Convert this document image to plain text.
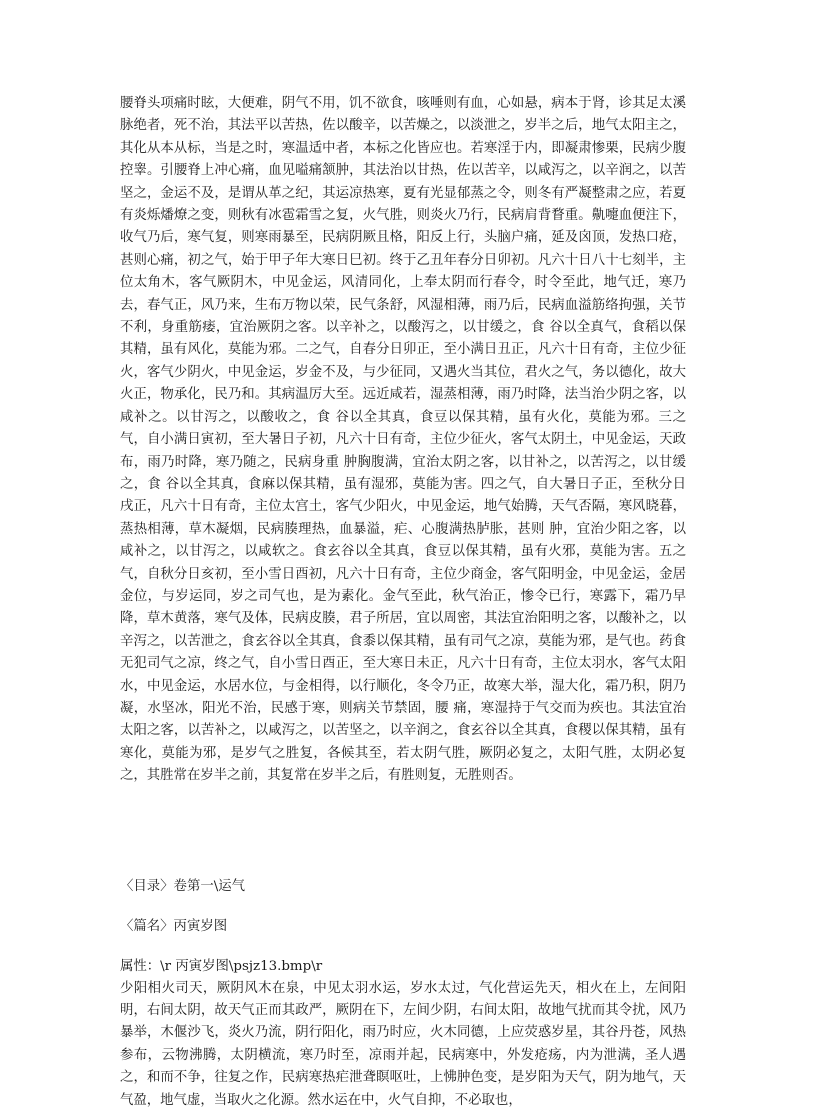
腰脊头项痛时眩，大便难，阴气不用，饥不欲食，咳唾则有血，心如悬，病本于肾，诊其足太溪脉绝者，死不治，其法平以苦热，佐以酸辛，以苦燥之，以淡泄之，岁半之后，地气太阳主之，其化从本从标，当是之时，寒温适中者，本标之化皆应也。若寒淫于内，即凝肃惨栗，民病少腹控睾。引腰脊上冲心痛，血见嗌痛颔肿，其法治以甘热，佐以苦辛，以咸泻之，以辛润之，以苦坚之，金运不及，是谓从革之纪，其运凉热寒，夏有光显郁蒸之令，则冬有严凝整肃之应，若夏有炎烁燔燎之变，则秋有冰雹霜雪之复，火气胜，则炎火乃行，民病肩背瞀重。鼽嚏血便注下，收气乃后，寒气复，则寒雨暴至，民病阴厥且格，阳反上行，头脑户痛，延及囟顶，发热口疮，甚则心痛，初之气，始于甲子年大寒日巳初。终于乙丑年春分日卯初。凡六十日八十七刻半，主位太角木，客气厥阴木，中见金运，风清同化，上奉太阴而行春令，时令至此，地气迁，寒乃去，春气正，风乃来，生布万物以荣，民气条舒，风湿相薄，雨乃后，民病血溢筋络拘强，关节不利，身重筋痿，宜治厥阴之客。以辛补之，以酸泻之，以甘缓之，食 谷以全真气，食稻以保其精，虽有风化，莫能为邪。二之气，自春分日卯正，至小满日丑正，凡六十日有奇，主位少征火，客气少阴火，中见金运，岁金不及，与少征同，又遇火当其位，君火之气，务以德化，故大火正，物承化，民乃和。其病温厉大至。远近咸若，湿蒸相薄，雨乃时降，法当治少阴之客，以咸补之。以甘泻之，以酸收之，食 谷以全其真，食豆以保其精，虽有火化，莫能为邪。三之气，自小满日寅初，至大暑日子初，凡六十日有奇，主位少征火，客气太阴土，中见金运，天政布，雨乃时降，寒乃随之，民病身重 肿胸腹满，宜治太阴之客，以甘补之，以苦泻之，以甘缓之，食 谷以全其真，食麻以保其精，虽有湿邪，莫能为害。四之气，自大暑日子正，至秋分日戌正，凡六十日有奇，主位太宫土，客气少阳火，中见金运，地气始腾，天气否隔，寒风晓暮，蒸热相薄，草木凝烟，民病腠理热，血暴溢，疟、心腹满热胪胀，甚则 肿，宜治少阳之客，以咸补之，以甘泻之，以咸软之。食玄谷以全其真，食豆以保其精，虽有火邪，莫能为害。五之气，自秋分日亥初，至小雪日酉初，凡六十日有奇，主位少商金，客气阳明金，中见金运，金居金位，与岁运同，岁之司气也，是为素化。金气至此，秋气治正，惨令已行，寒露下，霜乃早降，草木黄落，寒气及体，民病皮腠，君子所居，宜以周密，其法宜治阳明之客，以酸补之，以辛泻之，以苦泄之，食玄谷以全其真，食黍以保其精，虽有司气之凉，莫能为邪，是气也。药食无犯司气之凉，终之气，自小雪日酉正，至大寒日未正，凡六十日有奇，主位太羽水，客气太阳水，中见金运，水居水位，与金相得，以行顺化，冬令乃正，故寒大举，湿大化，霜乃积，阴乃凝，水坚冰，阳光不治，民感于寒，则病关节禁固，腰 痛，寒湿持于气交而为疾也。其法宜治太阳之客，以苦补之，以咸泻之，以苦坚之，以辛润之，食玄谷以全其真，食稷以保其精，虽有寒化，莫能为邪，是岁气之胜复，各候其至，若太阴气胜，厥阴必复之，太阳气胜，太阴必复之，其胜常在岁半之前，其复常在岁半之后，有胜则复，无胜则否。

〈目录〉卷第一\运气

〈篇名〉丙寅岁图

属性：\r 丙寅岁图\psjz13.bmp\r

少阳相火司天，厥阴风木在泉，中见太羽水运，岁水太过，气化营运先天，相火在上，左间阳明，右间太阴，故天气正而其政严，厥阴在下，左间少阴，右间太阳，故地气扰而其令扰，风乃暴举，木偃沙飞，炎火乃流，阴行阳化，雨乃时应，火木同德，上应荧惑岁星，其谷丹苍，风热参布，云物沸腾，太阴横流，寒乃时至，凉雨并起，民病寒中，外发疮疡，内为泄满，圣人遇之，和而不争，往复之作，民病寒热疟泄聋瞑呕吐，上怫肿色变，是岁阳为天气，阴为地气，天气盈，地气虚，当取火之化源。然水运在中，火气自抑，不必取也，
